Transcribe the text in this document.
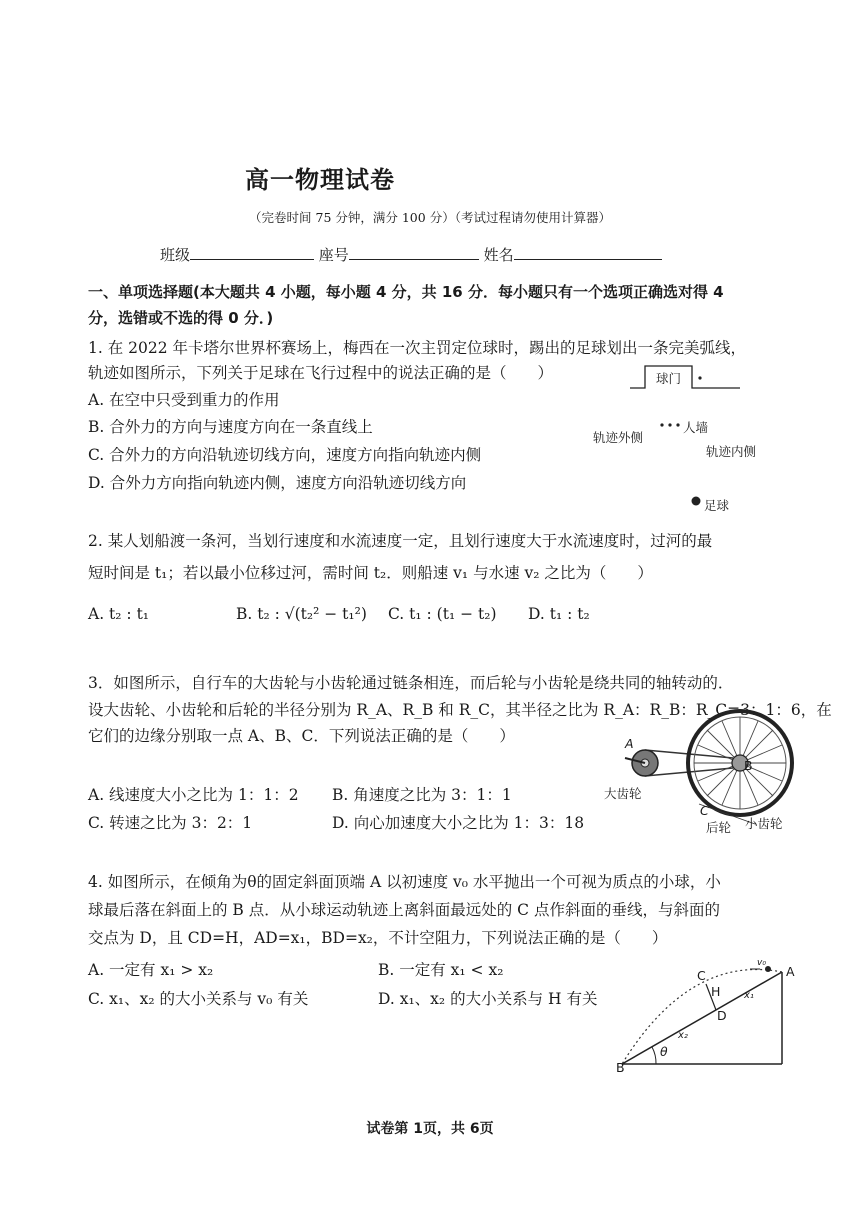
高一物理试卷
（完卷时间 75 分钟，满分 100 分）（考试过程请勿使用计算器）
班级	座号	姓名
一、单项选择题(本大题共 4 小题，每小题 4 分，共 16 分．每小题只有一个选项正确选对得 4
分，选错或不选的得 0 分．)
1. 在 2022 年卡塔尔世界杯赛场上，梅西在一次主罚定位球时，踢出的足球划出一条完美弧线，
轨迹如图所示，下列关于足球在飞行过程中的说法正确的是（　　）
A. 在空中只受到重力的作用
B. 合外力的方向与速度方向在一条直线上
C. 合外力的方向沿轨迹切线方向，速度方向指向轨迹内侧
D. 合外力方向指向轨迹内侧，速度方向沿轨迹切线方向
球门
轨迹外侧
人墙
轨迹内侧
足球
2. 某人划船渡一条河，当划行速度和水流速度一定，且划行速度大于水流速度时，过河的最
短时间是 t₁；若以最小位移过河，需时间 t₂．则船速 v₁ 与水速 v₂ 之比为（　　）
A. t₂ : t₁	B. t₂ : √(t₂² − t₁²) C. t₁ : (t₁ − t₂) D. t₁ : t₂
3．如图所示，自行车的大齿轮与小齿轮通过链条相连，而后轮与小齿轮是绕共同的轴转动的．
设大齿轮、小齿轮和后轮的半径分别为 R_A、R_B 和 R_C，其半径之比为 R_A：R_B：R_C=3：1：6，在
它们的边缘分别取一点 A、B、C．下列说法正确的是（　　）
A. 线速度大小之比为 1：1：2 B. 角速度之比为 3：1：1
C. 转速之比为 3：2：1	D. 向心加速度大小之比为 1：3：18
A
B
C
大齿轮
后轮 小齿轮
4. 如图所示，在倾角为θ的固定斜面顶端 A 以初速度 v₀ 水平抛出一个可视为质点的小球，小
球最后落在斜面上的 B 点．从小球运动轨迹上离斜面最远处的 C 点作斜面的垂线，与斜面的
交点为 D，且 CD=H，AD=x₁，BD=x₂，不计空阻力，下列说法正确的是（　　）
A. 一定有 x₁ > x₂	B. 一定有 x₁ < x₂
C. x₁、x₂ 的大小关系与 v₀ 有关	D. x₁、x₂ 的大小关系与 H 有关
A
B
C
D
H
θ
x₁
x₂
v₀
试卷第 1页，共 6页
